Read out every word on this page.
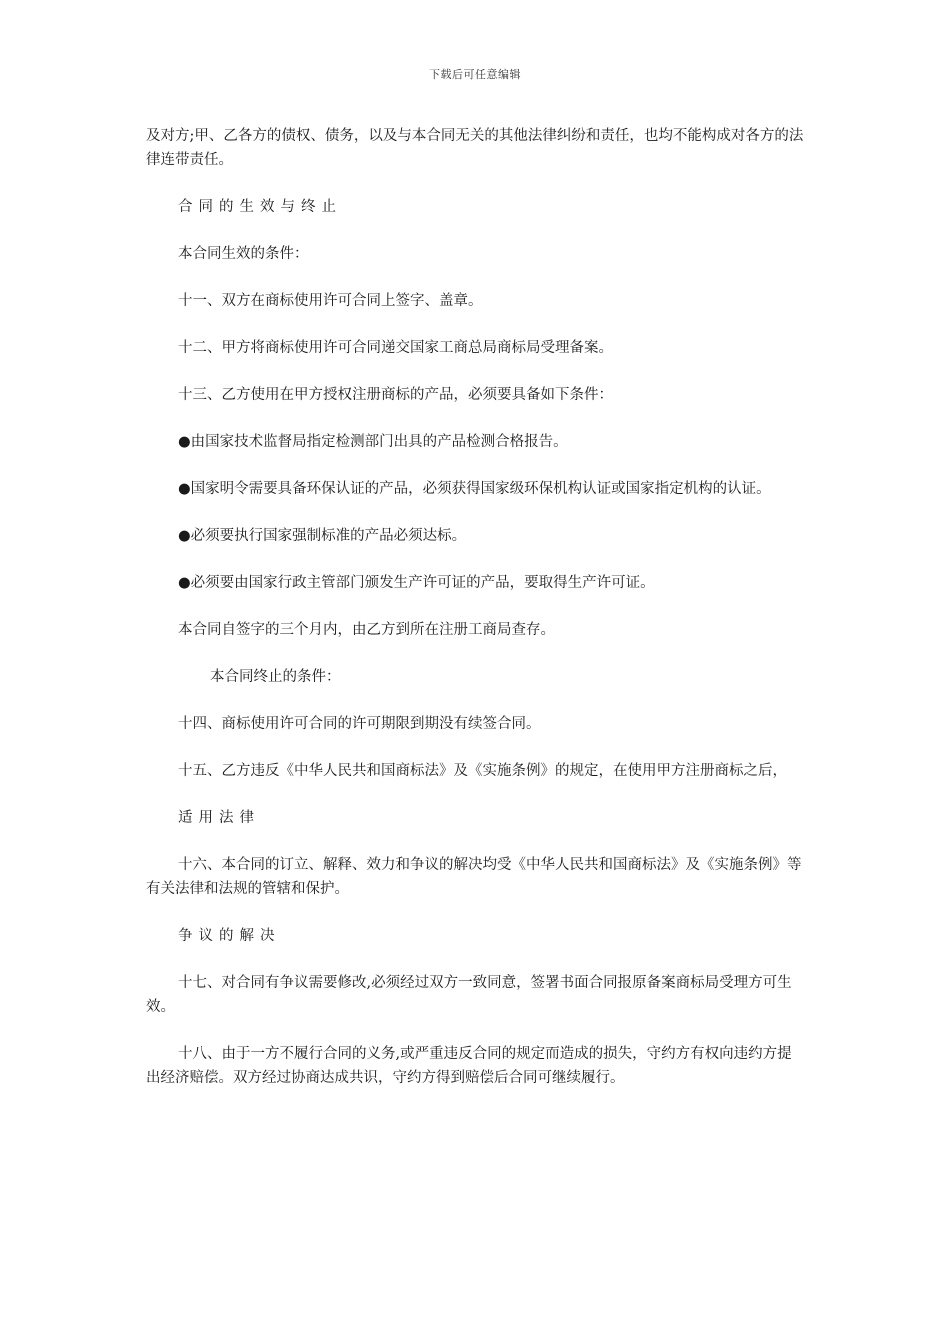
下载后可任意编辑

及对方;甲、乙各方的债权、债务，以及与本合同无关的其他法律纠纷和责任，也均不能构成对各方的法律连带责任。

合同的生效与终止

本合同生效的条件：

十一、双方在商标使用许可合同上签字、盖章。

十二、甲方将商标使用许可合同递交国家工商总局商标局受理备案。

十三、乙方使用在甲方授权注册商标的产品，必须要具备如下条件：

●由国家技术监督局指定检测部门出具的产品检测合格报告。

●国家明令需要具备环保认证的产品，必须获得国家级环保机构认证或国家指定机构的认证。

●必须要执行国家强制标准的产品必须达标。

●必须要由国家行政主管部门颁发生产许可证的产品，要取得生产许可证。

本合同自签字的三个月内，由乙方到所在注册工商局查存。

本合同终止的条件：

十四、商标使用许可合同的许可期限到期没有续签合同。

十五、乙方违反《中华人民共和国商标法》及《实施条例》的规定，在使用甲方注册商标之后，

适用法律

十六、本合同的订立、解释、效力和争议的解决均受《中华人民共和国商标法》及《实施条例》等有关法律和法规的管辖和保护。

争议的解决

十七、对合同有争议需要修改,必须经过双方一致同意，签署书面合同报原备案商标局受理方可生效。

十八、由于一方不履行合同的义务,或严重违反合同的规定而造成的损失，守约方有权向违约方提出经济赔偿。双方经过协商达成共识，守约方得到赔偿后合同可继续履行。
